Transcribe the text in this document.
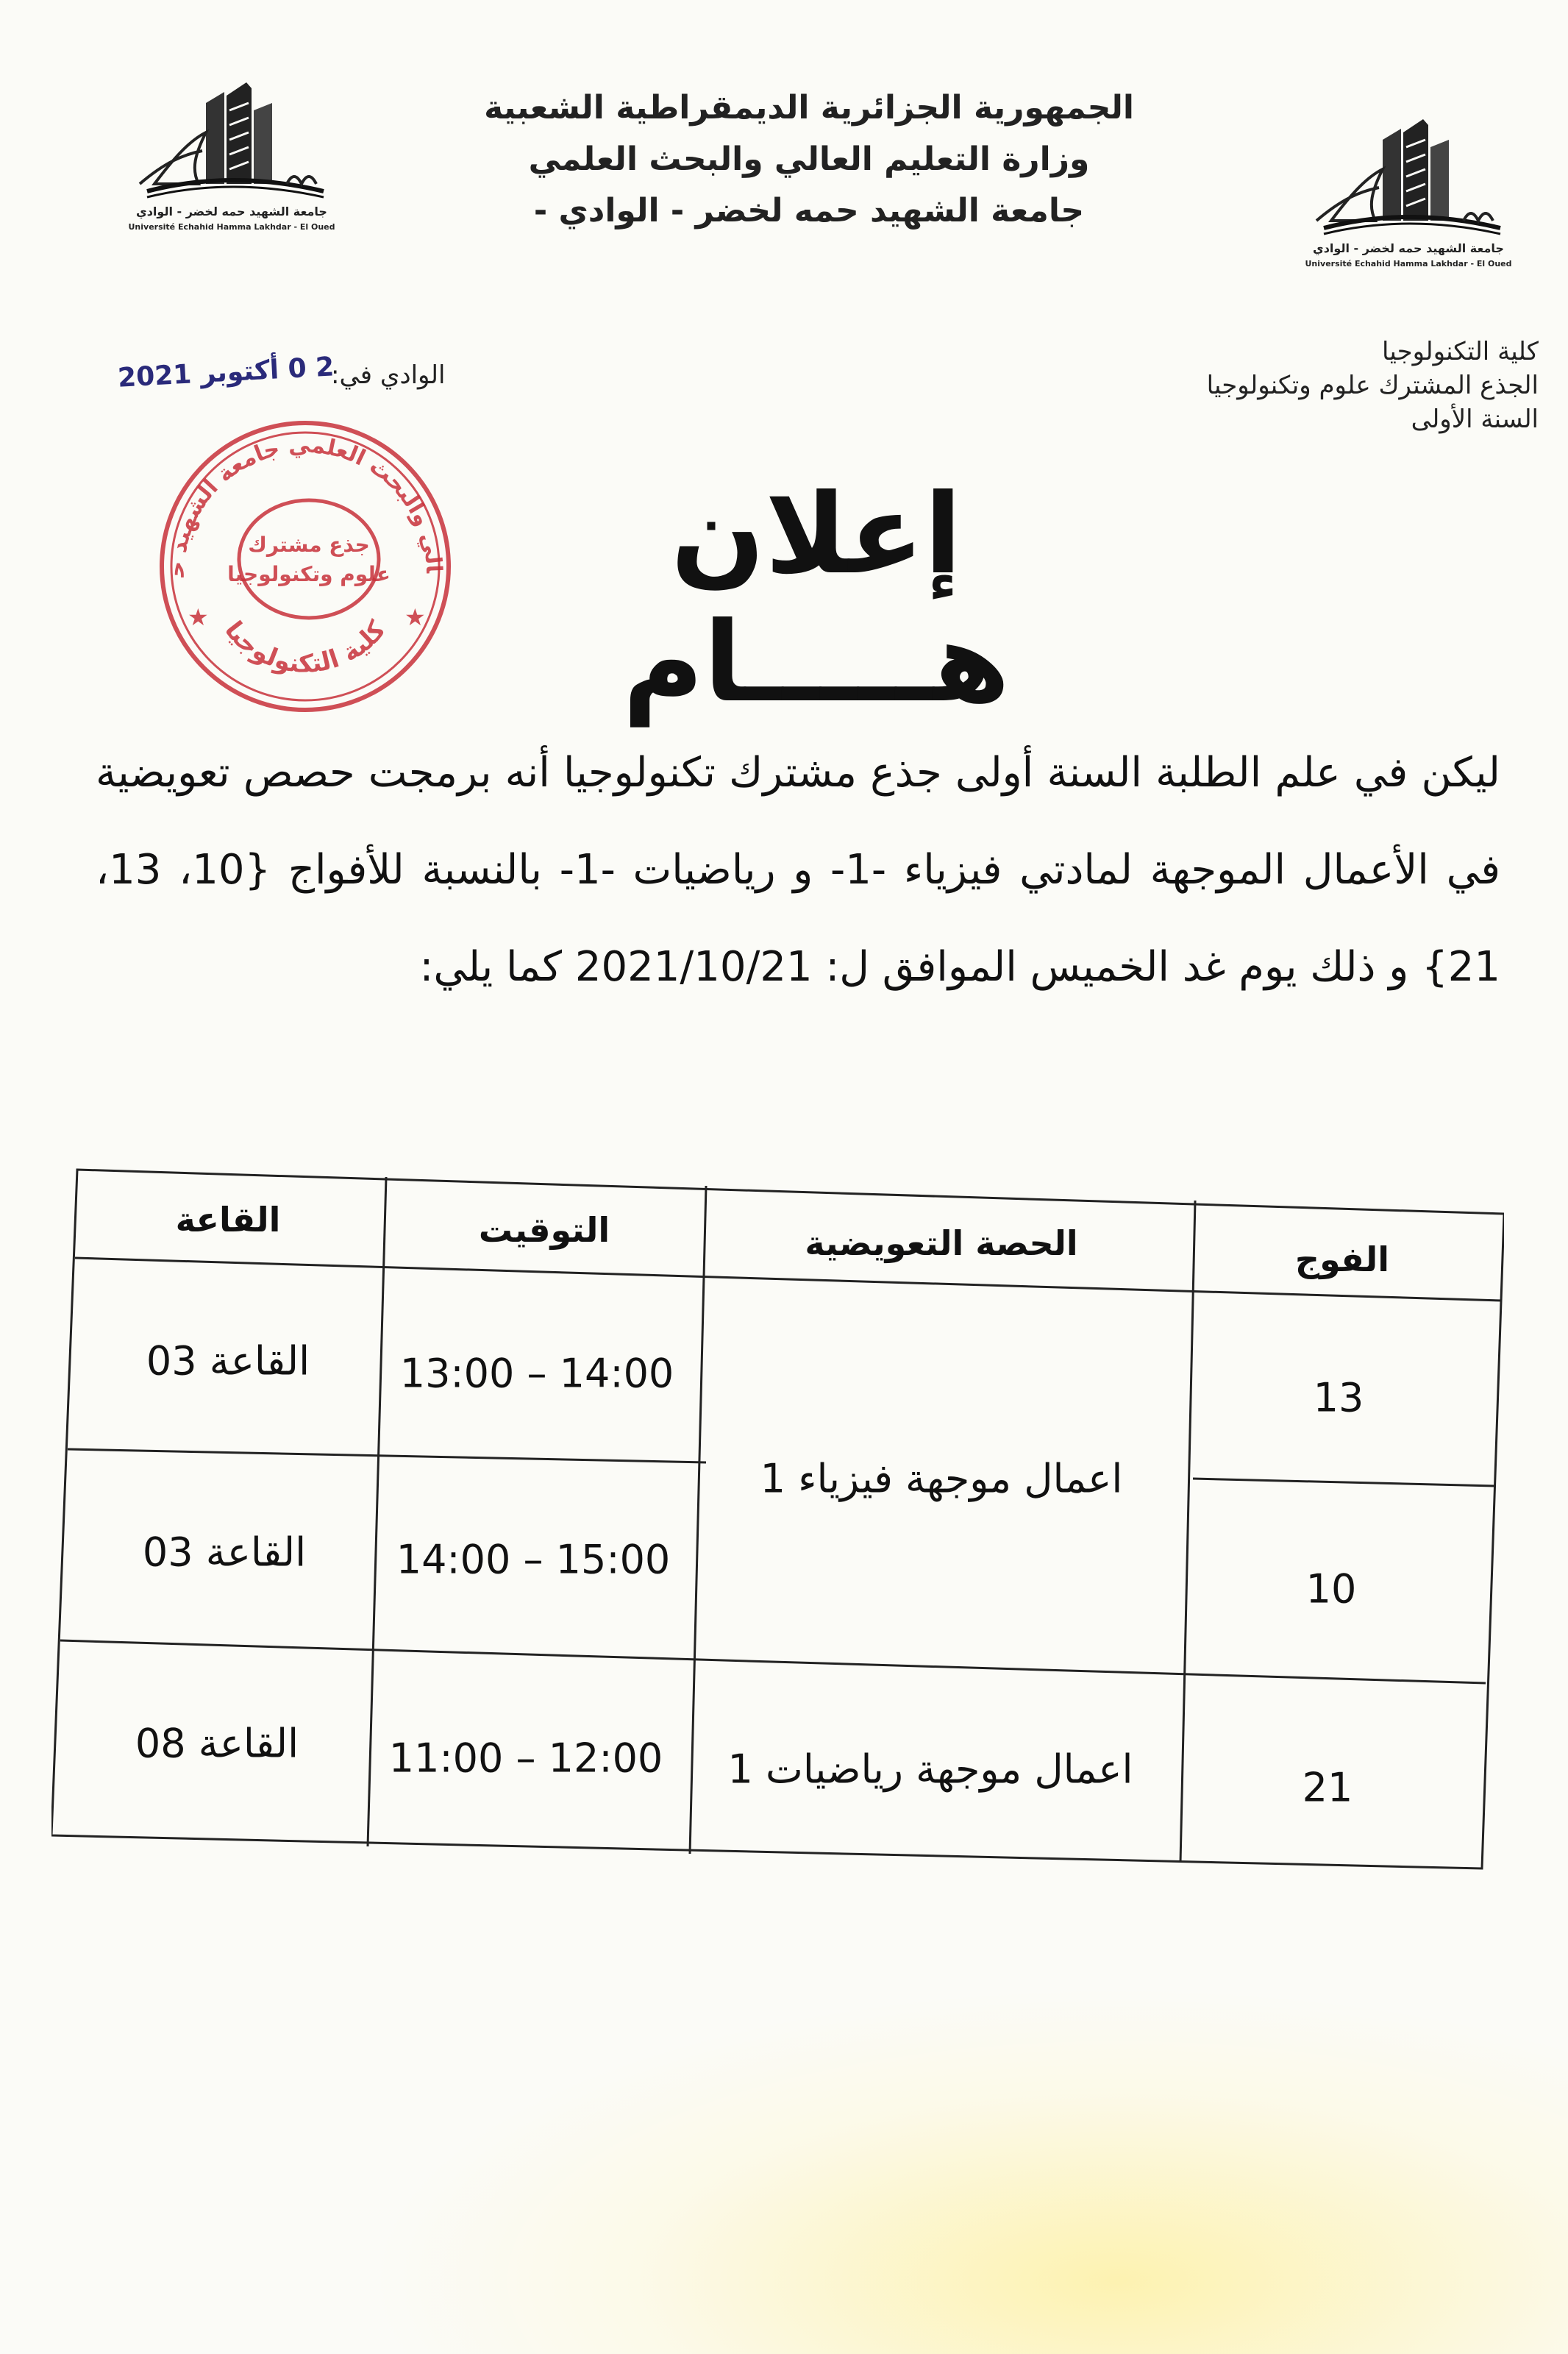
جامعة الشهيد حمه لخضر - الوادي
Université Echahid Hamma Lakhdar - El Oued
جامعة الشهيد حمه لخضر - الوادي
Université Echahid Hamma Lakhdar - El Oued
الجمهورية الجزائرية الديمقراطية الشعبية
وزارة التعليم العالي والبحث العلمي
جامعة الشهيد حمه لخضر - الوادي -
كلية التكنولوجيا
الجذع المشترك علوم وتكنولوجيا
السنة الأولى
الوادي في:
2 0 أكتوبر 2021
الي والبحث العلمي جامعة الشهيد ح
كلية التكنولوجيا
جذع مشترك
علوم وتكنولوجيا
★	★
إعلان هـــــام
ليكن في علم الطلبة السنة أولى جذع مشترك تكنولوجيا أنه برمجت حصص تعويضية في الأعمال الموجهة لمادتي فيزياء -1- و رياضيات -1- بالنسبة للأفواج {10، 13، 21} و ذلك يوم غد الخميس الموافق ل: 2021/10/21 كما يلي:
الفوج
الحصة التعويضية
التوقيت
القاعة
13
13:00 – 14:00
القاعة 03
اعمال موجهة فيزياء 1
10
14:00 – 15:00
القاعة 03
21
اعمال موجهة رياضيات 1
11:00 – 12:00
القاعة 08
